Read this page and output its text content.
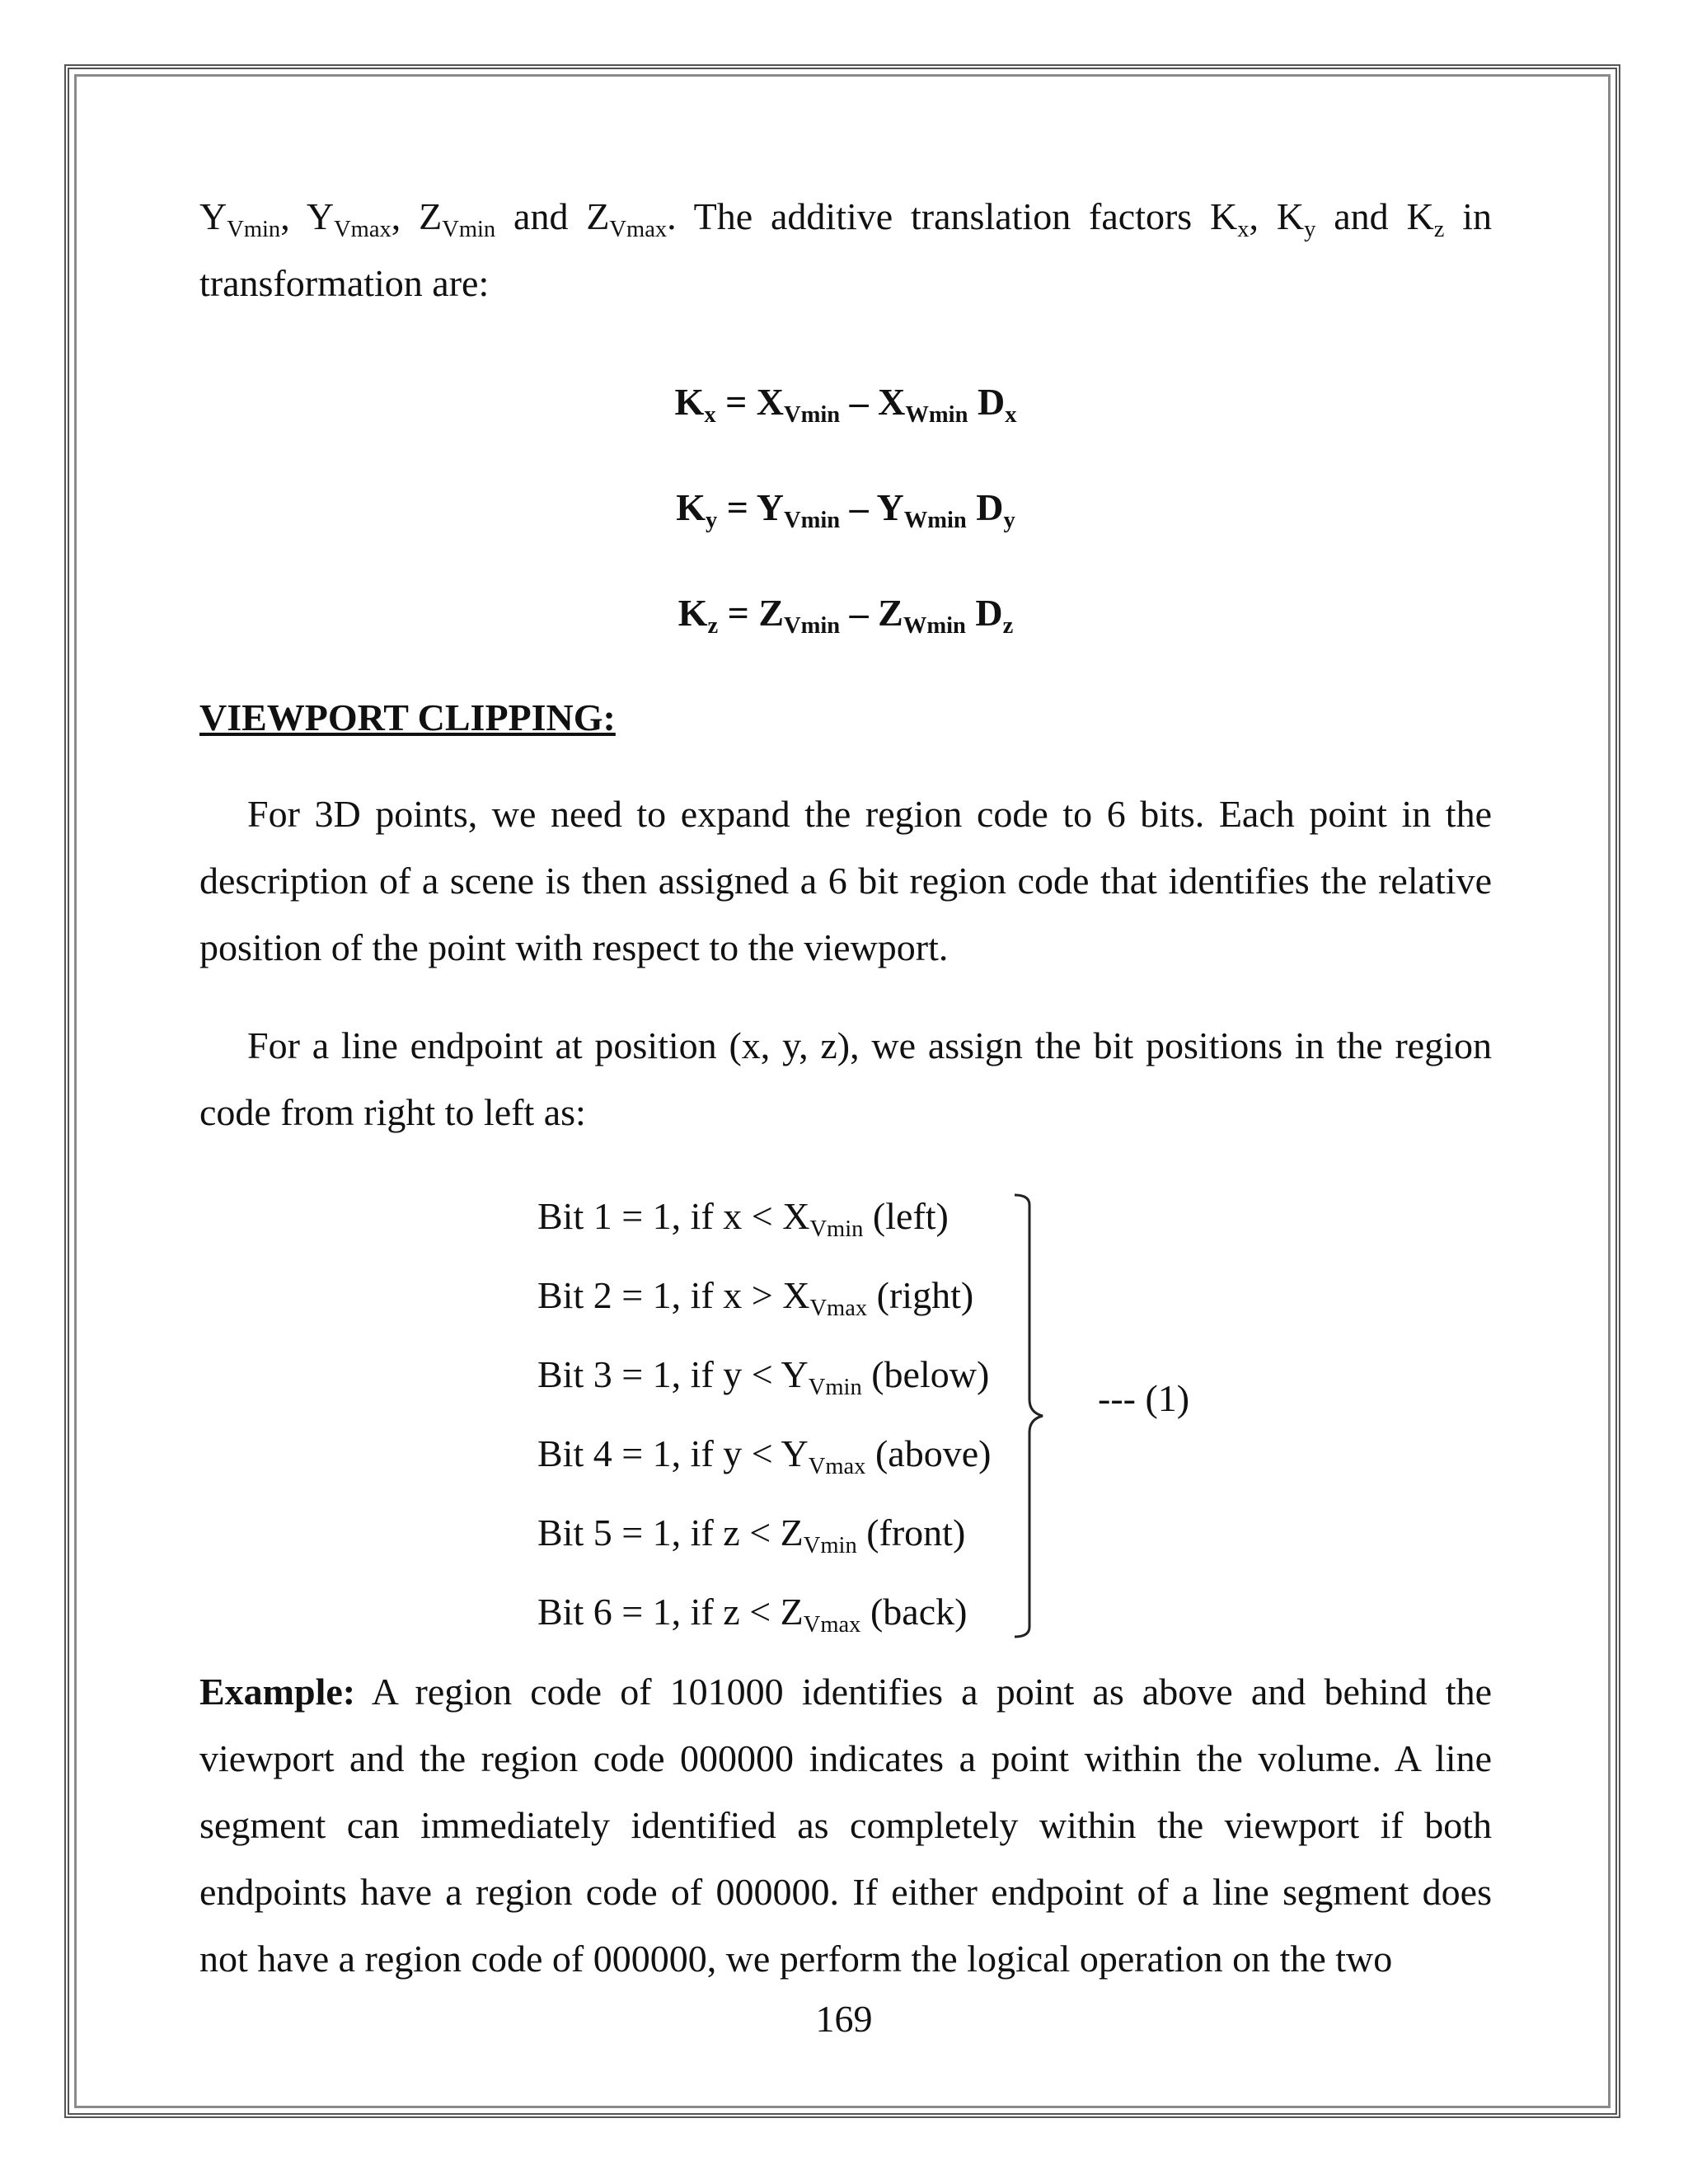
$Y_{Vmin}$, $Y_{Vmax}$, $Z_{Vmin}$ and $Z_{Vmax}$. The additive translation factors $K_x$, $K_y$ and $K_z$ in transformation are:

$K_x = X_{Vmin} - X_{Wmin}$ $D_x$
$K_y = Y_{Vmin} - Y_{Wmin}$ $D_y$
$K_z = Z_{Vmin} - Z_{Wmin}$ $D_z$
VIEWPORT CLIPPING:

For 3D points, we need to expand the region code to 6 bits. Each point in the description of a scene is then assigned a 6 bit region code that identifies the relative position of the point with respect to the viewport.

For a line endpoint at position (x, y, z), we assign the bit positions in the region code from right to left as:

Bit 1 = 1, if $x < X_{Vmin}$ (left)
Bit 2 = 1, if $x > X_{Vmax}$ (right)
Bit 3 = 1, if $y < Y_{Vmin}$ (below)
Bit 4 = 1, if $y < Y_{Vmax}$ (above)
Bit 5 = 1, if $z < Z_{Vmin}$ (front)
Bit 6 = 1, if $z < Z_{Vmax}$ (back)
--- (1)

Example: A region code of 101000 identifies a point as above and behind the viewport and the region code 000000 indicates a point within the volume. A line segment can immediately identified as completely within the viewport if both endpoints have a region code of 000000. If either endpoint of a line segment does not have a region code of 000000, we perform the logical operation on the two

169
